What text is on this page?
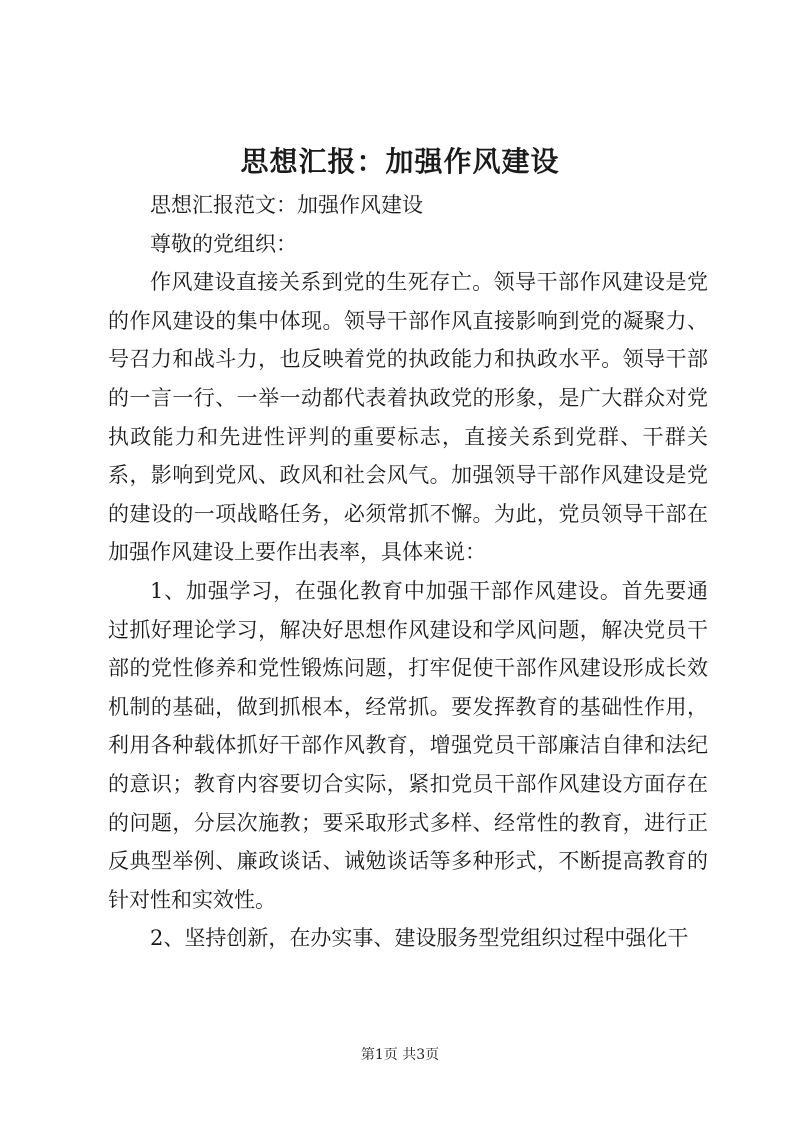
思想汇报：加强作风建设

思想汇报范文：加强作风建设

尊敬的党组织：

作风建设直接关系到党的生死存亡。领导干部作风建设是党的作风建设的集中体现。领导干部作风直接影响到党的凝聚力、号召力和战斗力，也反映着党的执政能力和执政水平。领导干部的一言一行、一举一动都代表着执政党的形象，是广大群众对党执政能力和先进性评判的重要标志，直接关系到党群、干群关系，影响到党风、政风和社会风气。加强领导干部作风建设是党的建设的一项战略任务，必须常抓不懈。为此，党员领导干部在加强作风建设上要作出表率，具体来说：

1、加强学习，在强化教育中加强干部作风建设。首先要通过抓好理论学习，解决好思想作风建设和学风问题，解决党员干部的党性修养和党性锻炼问题，打牢促使干部作风建设形成长效机制的基础，做到抓根本，经常抓。要发挥教育的基础性作用，利用各种载体抓好干部作风教育，增强党员干部廉洁自律和法纪的意识；教育内容要切合实际，紧扣党员干部作风建设方面存在的问题，分层次施教；要采取形式多样、经常性的教育，进行正反典型举例、廉政谈话、诫勉谈话等多种形式，不断提高教育的针对性和实效性。

2、坚持创新，在办实事、建设服务型党组织过程中强化干

第1页 共3页
